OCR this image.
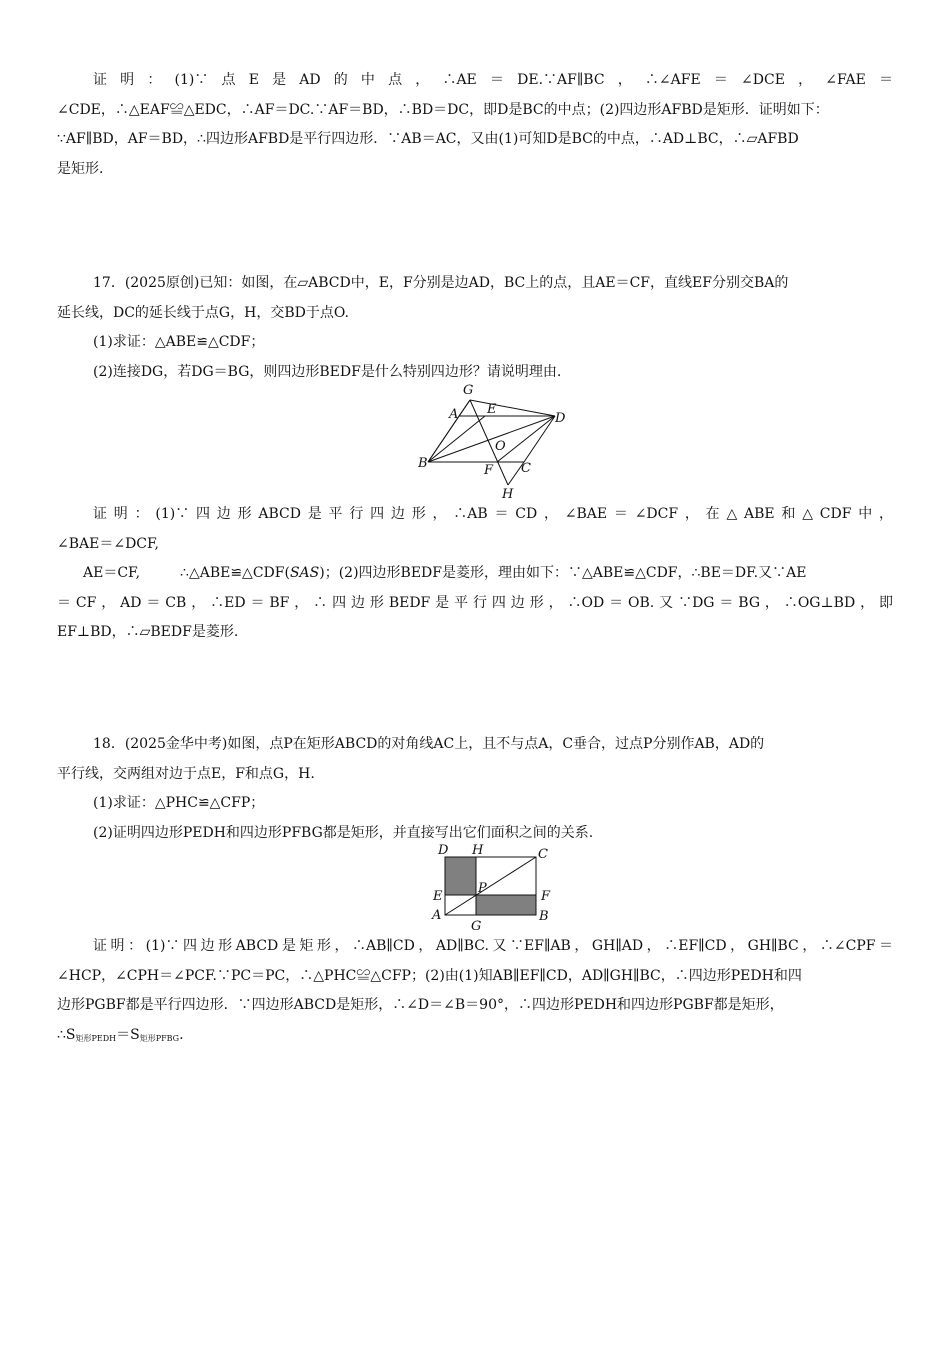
证明：(1)∵点E是AD的中点，∴AE＝DE.∵AF∥BC，∴∠AFE＝∠DCE，∠FAE＝
∠CDE，∴△EAF≌△EDC，∴AF＝DC.∵AF＝BD，∴BD＝DC，即D是BC的中点；(2)四边形AFBD是矩形．证明如下：
∵AF∥BD，AF＝BD，∴四边形AFBD是平行四边形．∵AB＝AC，又由(1)可知D是BC的中点，∴AD⊥BC，∴▱AFBD
是矩形.
17．(2025原创)已知：如图，在▱ABCD中，E，F分别是边AD，BC上的点，且AE＝CF，直线EF分别交BA的
延长线，DC的延长线于点G，H，交BD于点O.
(1)求证：△ABE≌△CDF；
(2)连接DG，若DG＝BG，则四边形BEDF是什么特别四边形？请说明理由.
G
A E
D
O
B	F C
H
证明：(1)∵四边形ABCD是平行四边形，∴AB＝CD，∠BAE＝∠DCF，在△ABE和△CDF中，
∠BAE＝∠DCF,
AE＝CF,	∴△ABE≌△CDF(SAS)；(2)四边形BEDF是菱形，理由如下：∵△ABE≌△CDF，∴BE＝DF.又∵AE
＝CF，AD＝CB，∴ED＝BF，∴四边形BEDF是平行四边形，∴OD＝OB.又∵DG＝BG，∴OG⊥BD，即
EF⊥BD，∴▱BEDF是菱形.
18．(2025金华中考)如图，点P在矩形ABCD的对角线AC上，且不与点A，C垂合，过点P分别作AB，AD的
平行线，交两组对边于点E，F和点G，H.
(1)求证：△PHC≌△CFP；
(2)证明四边形PEDH和四边形PFBG都是矩形，并直接写出它们面积之间的关系.
D H	C
E
P
F
A
G
B
证明：(1)∵四边形ABCD是矩形，∴AB∥CD，AD∥BC.又∵EF∥AB，GH∥AD，∴EF∥CD，GH∥BC，∴∠CPF＝
∠HCP，∠CPH＝∠PCF.∵PC＝PC，∴△PHC≌△CFP；(2)由(1)知AB∥EF∥CD，AD∥GH∥BC，∴四边形PEDH和四
边形PGBF都是平行四边形．∵四边形ABCD是矩形，∴∠D＝∠B＝90°，∴四边形PEDH和四边形PGBF都是矩形，
$\therefore S_{矩形PEDH}=S_{矩形PFBG}$.
